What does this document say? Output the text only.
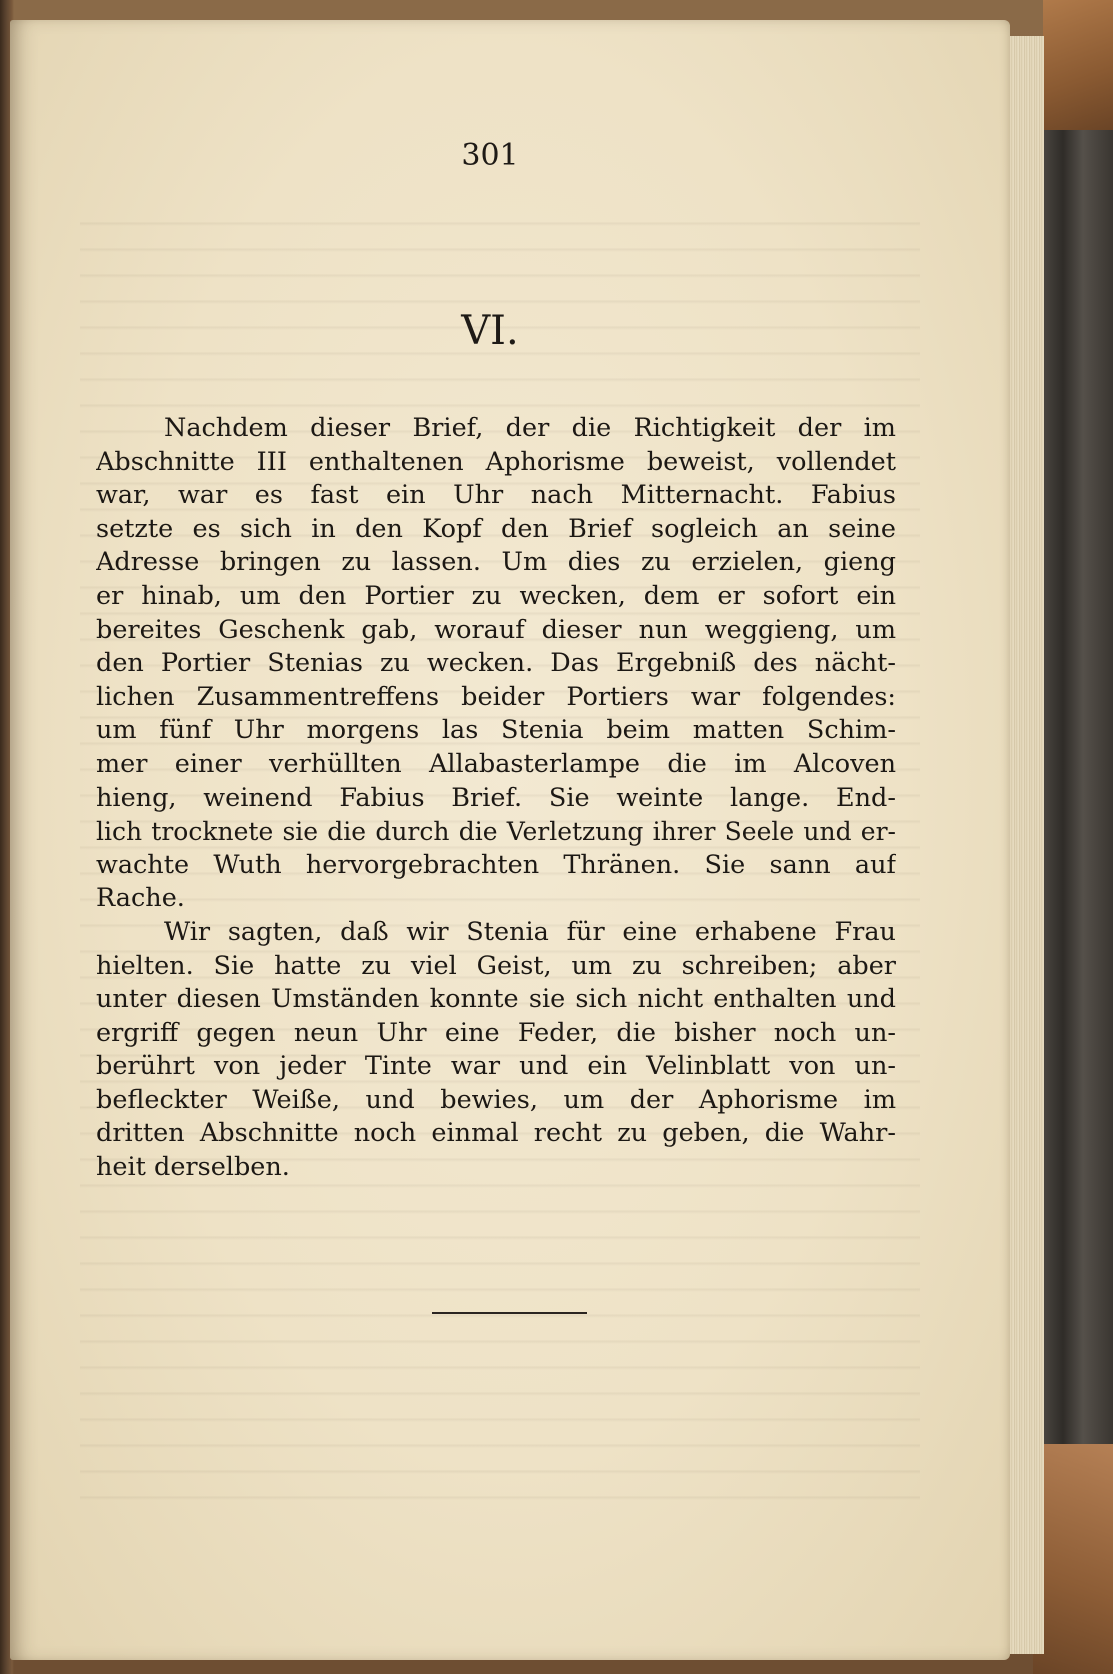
301
VI.
Nachdem dieser Brief, der die Richtigkeit der im
Abschnitte III enthaltenen Aphorisme beweist, vollendet
war, war es fast ein Uhr nach Mitternacht. Fabius
setzte es sich in den Kopf den Brief sogleich an seine
Adresse bringen zu lassen. Um dies zu erzielen, gieng
er hinab, um den Portier zu wecken, dem er sofort ein
bereites Geschenk gab, worauf dieser nun weggieng, um
den Portier Stenias zu wecken. Das Ergebniß des nächt-
lichen Zusammentreffens beider Portiers war folgendes:
um fünf Uhr morgens las Stenia beim matten Schim-
mer einer verhüllten Allabasterlampe die im Alcoven
hieng, weinend Fabius Brief. Sie weinte lange. End-
lich trocknete sie die durch die Verletzung ihrer Seele und er-
wachte Wuth hervorgebrachten Thränen. Sie sann auf
Rache.
Wir sagten, daß wir Stenia für eine erhabene Frau
hielten. Sie hatte zu viel Geist, um zu schreiben; aber
unter diesen Umständen konnte sie sich nicht enthalten und
ergriff gegen neun Uhr eine Feder, die bisher noch un-
berührt von jeder Tinte war und ein Velinblatt von un-
befleckter Weiße, und bewies, um der Aphorisme im
dritten Abschnitte noch einmal recht zu geben, die Wahr-
heit derselben.
